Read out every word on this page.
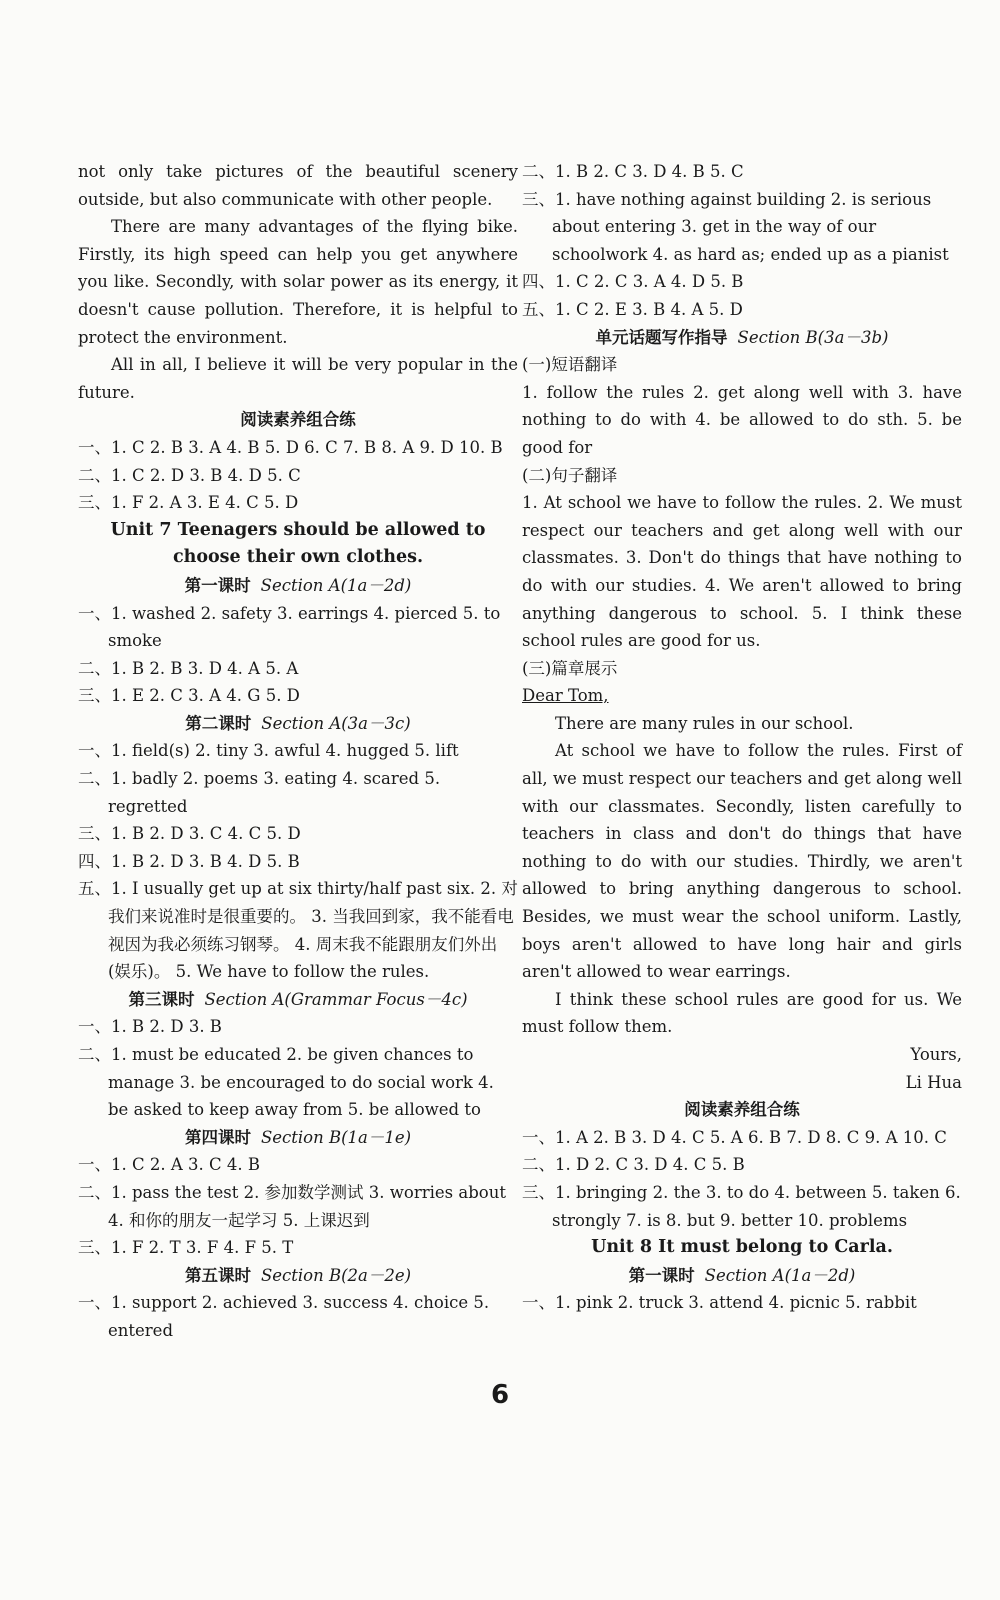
not only take pictures of the beautiful scenery outside, but also communicate with other people.

There are many advantages of the flying bike. Firstly, its high speed can help you get anywhere you like. Secondly, with solar power as its energy, it doesn't cause pollution. Therefore, it is helpful to protect the environment.

All in all, I believe it will be very popular in the future.

阅读素养组合练

一、1. C 2. B 3. A 4. B 5. D 6. C 7. B 8. A 9. D 10. B

二、1. C 2. D 3. B 4. D 5. C

三、1. F 2. A 3. E 4. C 5. D

Unit 7 Teenagers should be allowed to choose their own clothes.

第一课时 Section A(1a－2d)

一、1. washed 2. safety 3. earrings 4. pierced 5. to smoke

二、1. B 2. B 3. D 4. A 5. A

三、1. E 2. C 3. A 4. G 5. D

第二课时 Section A(3a－3c)

一、1. field(s) 2. tiny 3. awful 4. hugged 5. lift

二、1. badly 2. poems 3. eating 4. scared 5. regretted

三、1. B 2. D 3. C 4. C 5. D

四、1. B 2. D 3. B 4. D 5. B

五、1. I usually get up at six thirty/half past six. 2. 对我们来说准时是很重要的。 3. 当我回到家，我不能看电视因为我必须练习钢琴。 4. 周末我不能跟朋友们外出(娱乐)。 5. We have to follow the rules.

第三课时 Section A(Grammar Focus－4c)

一、1. B 2. D 3. B

二、1. must be educated 2. be given chances to manage 3. be encouraged to do social work 4. be asked to keep away from 5. be allowed to

第四课时 Section B(1a－1e)

一、1. C 2. A 3. C 4. B

二、1. pass the test 2. 参加数学测试 3. worries about 4. 和你的朋友一起学习 5. 上课迟到

三、1. F 2. T 3. F 4. F 5. T

第五课时 Section B(2a－2e)

一、1. support 2. achieved 3. success 4. choice 5. entered

二、1. B 2. C 3. D 4. B 5. C

三、1. have nothing against building 2. is serious about entering 3. get in the way of our schoolwork 4. as hard as; ended up as a pianist

四、1. C 2. C 3. A 4. D 5. B

五、1. C 2. E 3. B 4. A 5. D

单元话题写作指导 Section B(3a－3b)

(一)短语翻译

1. follow the rules 2. get along well with 3. have nothing to do with 4. be allowed to do sth. 5. be good for

(二)句子翻译

1. At school we have to follow the rules. 2. We must respect our teachers and get along well with our classmates. 3. Don't do things that have nothing to do with our studies. 4. We aren't allowed to bring anything dangerous to school. 5. I think these school rules are good for us.

(三)篇章展示

Dear Tom,

There are many rules in our school.

At school we have to follow the rules. First of all, we must respect our teachers and get along well with our classmates. Secondly, listen carefully to teachers in class and don't do things that have nothing to do with our studies. Thirdly, we aren't allowed to bring anything dangerous to school. Besides, we must wear the school uniform. Lastly, boys aren't allowed to have long hair and girls aren't allowed to wear earrings.

I think these school rules are good for us. We must follow them.

Yours,

Li Hua

阅读素养组合练

一、1. A 2. B 3. D 4. C 5. A 6. B 7. D 8. C 9. A 10. C

二、1. D 2. C 3. D 4. C 5. B

三、1. bringing 2. the 3. to do 4. between 5. taken 6. strongly 7. is 8. but 9. better 10. problems

Unit 8 It must belong to Carla.

第一课时 Section A(1a－2d)

一、1. pink 2. truck 3. attend 4. picnic 5. rabbit

6
